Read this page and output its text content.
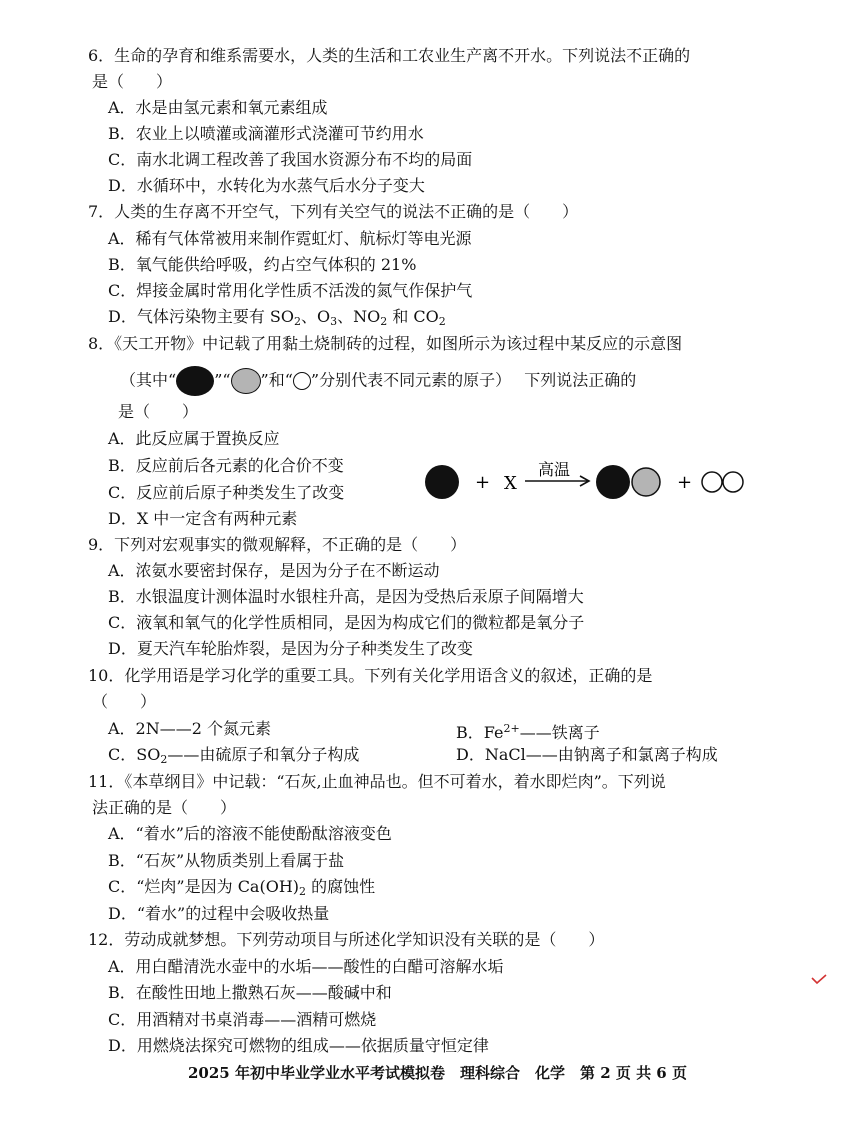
6．生命的孕育和维系需要水，人类的生活和工农业生产离不开水。下列说法不正确的
是（　　）
A．水是由氢元素和氧元素组成
B．农业上以喷灌或滴灌形式浇灌可节约用水
C．南水北调工程改善了我国水资源分布不均的局面
D．水循环中，水转化为水蒸气后水分子变大
7．人类的生存离不开空气，下列有关空气的说法不正确的是（　　）
A．稀有气体常被用来制作霓虹灯、航标灯等电光源
B．氧气能供给呼吸，约占空气体积的 21%
C．焊接金属时常用化学性质不活泼的氮气作保护气
D．气体污染物主要有 $SO_2$、$O_3$、$NO_2$ 和 $CO_2$
8．《天工开物》中记载了用黏土烧制砖的过程，如图所示为该过程中某反应的示意图
（其中“ ”“ ”和“ ”分别代表不同元素的原子）　 下列说法正确的
是（　　）
A．此反应属于置换反应
B．反应前后各元素的化合价不变
C．反应前后原子种类发生了改变
D．X 中一定含有两种元素
+ X
高温
+
9．下列对宏观事实的微观解释，不正确的是（　　）
A．浓氨水要密封保存，是因为分子在不断运动
B．水银温度计测体温时水银柱升高，是因为受热后汞原子间隔增大
C．液氧和氧气的化学性质相同，是因为构成它们的微粒都是氧分子
D．夏天汽车轮胎炸裂，是因为分子种类发生了改变
10．化学用语是学习化学的重要工具。下列有关化学用语含义的叙述，正确的是
（　　）
A．2N——2 个氮元素	B．$Fe^{2+}——$铁离子
C．$SO_2——$由硫原子和氧分子构成	D．NaCl——由钠离子和氯离子构成
11．《本草纲目》中记载：“石灰,止血神品也。但不可着水，着水即烂肉”。下列说
法正确的是（　　）
A．“着水”后的溶液不能使酚酞溶液变色
B．“石灰”从物质类别上看属于盐
C．“烂肉”是因为 $Ca(OH)_2$ 的腐蚀性
D．“着水”的过程中会吸收热量
12．劳动成就梦想。下列劳动项目与所述化学知识没有关联的是（　　）
A．用白醋清洗水壶中的水垢——酸性的白醋可溶解水垢
B．在酸性田地上撒熟石灰——酸碱中和
C．用酒精对书桌消毒——酒精可燃烧
D．用燃烧法探究可燃物的组成——依据质量守恒定律
2025 年初中毕业学业水平考试模拟卷　理科综合　化学　第 2 页 共 6 页
